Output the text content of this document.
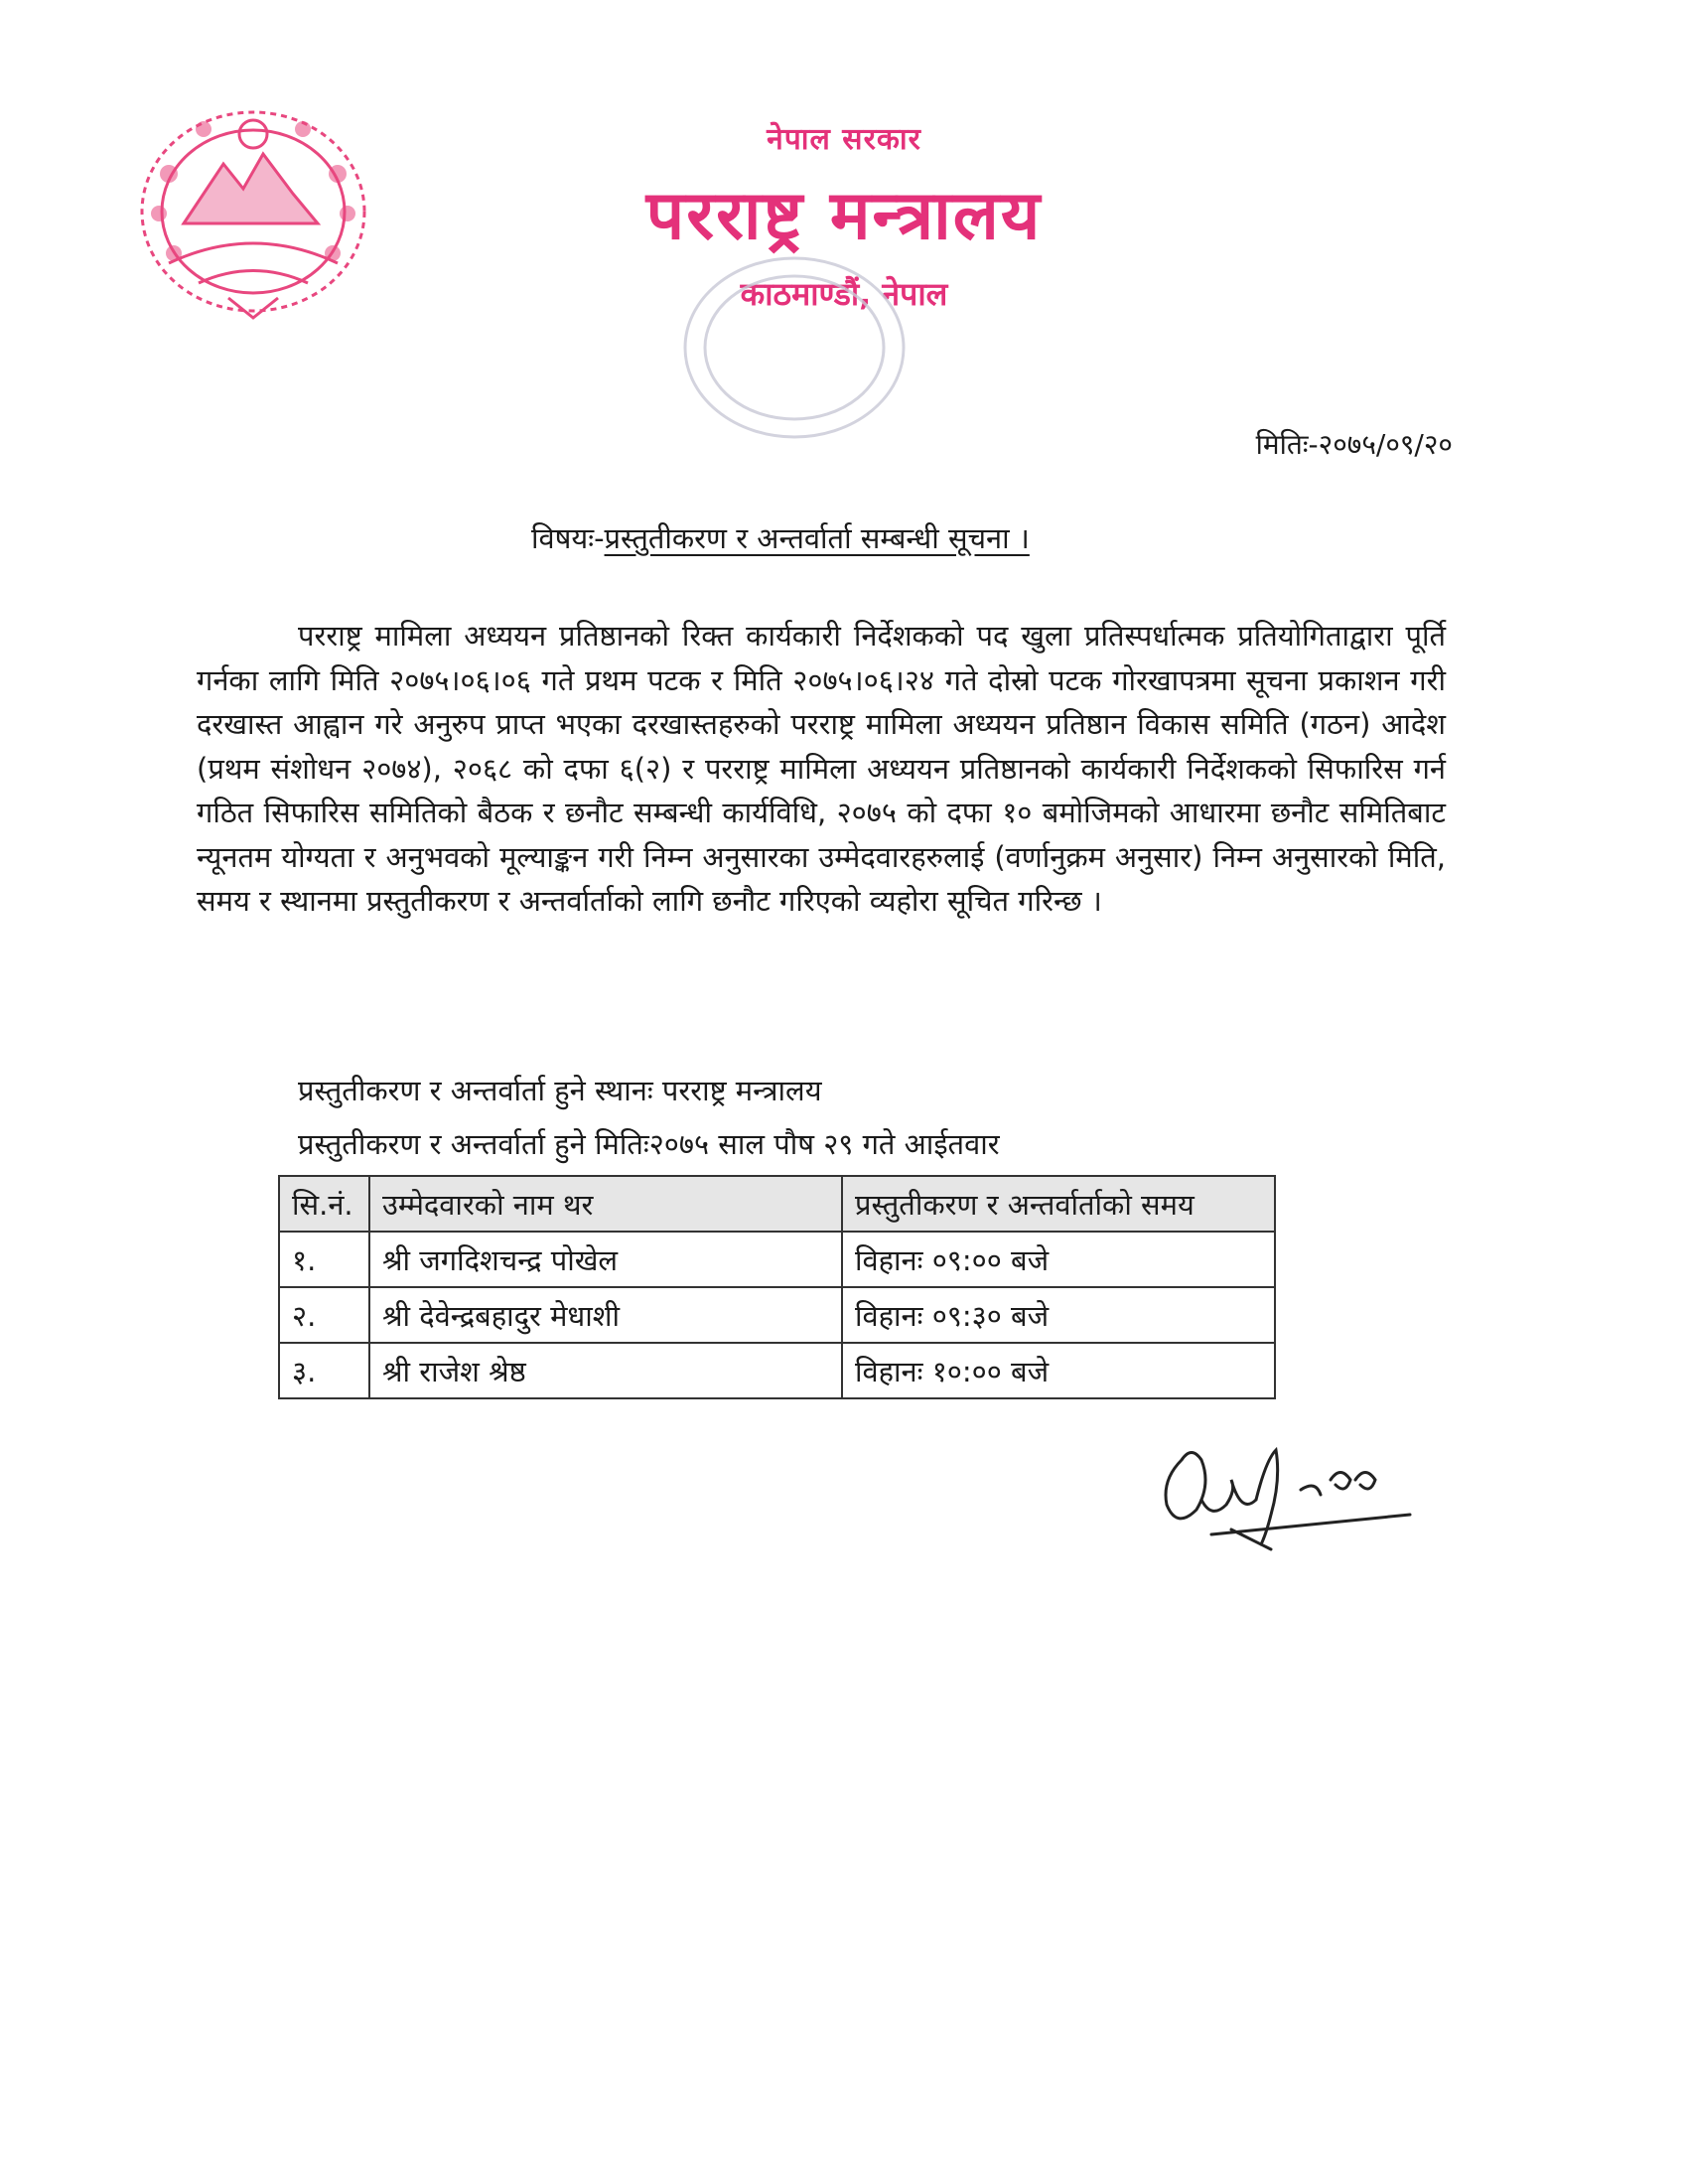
नेपाल सरकार
परराष्ट्र मन्त्रालय
काठमाण्डौं, नेपाल
मितिः-२०७५/०९/२०
विषयः-प्रस्तुतीकरण र अन्तर्वार्ता सम्बन्धी सूचना ।
परराष्ट्र मामिला अध्ययन प्रतिष्ठानको रिक्त कार्यकारी निर्देशकको पद खुला प्रतिस्पर्धात्मक प्रतियोगिताद्वारा पूर्ति गर्नका लागि मिति २०७५।०६।०६ गते प्रथम पटक र मिति २०७५।०६।२४ गते दोस्रो पटक गोरखापत्रमा सूचना प्रकाशन गरी दरखास्त आह्वान गरे अनुरुप प्राप्त भएका दरखास्तहरुको परराष्ट्र मामिला अध्ययन प्रतिष्ठान विकास समिति (गठन) आदेश (प्रथम संशोधन २०७४), २०६८ को दफा ६(२) र परराष्ट्र मामिला अध्ययन प्रतिष्ठानको कार्यकारी निर्देशकको सिफारिस गर्न गठित सिफारिस समितिको बैठक र छनौट सम्बन्धी कार्यविधि, २०७५ को दफा १० बमोजिमको आधारमा छनौट समितिबाट न्यूनतम योग्यता र अनुभवको मूल्याङ्कन गरी निम्न अनुसारका उम्मेदवारहरुलाई (वर्णानुक्रम अनुसार) निम्न अनुसारको मिति, समय र स्थानमा प्रस्तुतीकरण र अन्तर्वार्ताको लागि छनौट गरिएको व्यहोरा सूचित गरिन्छ ।
प्रस्तुतीकरण र अन्तर्वार्ता हुने स्थानः परराष्ट्र मन्त्रालय
प्रस्तुतीकरण र अन्तर्वार्ता हुने मितिः२०७५ साल पौष २९ गते आईतवार
सि.नं.	उम्मेदवारको नाम थर	प्रस्तुतीकरण र अन्तर्वार्ताको समय
१.	श्री जगदिशचन्द्र पोखेल	विहानः ०९:०० बजे
२.	श्री देवेन्द्रबहादुर मेधाशी	विहानः ०९:३० बजे
३.	श्री राजेश श्रेष्ठ	विहानः १०:०० बजे
